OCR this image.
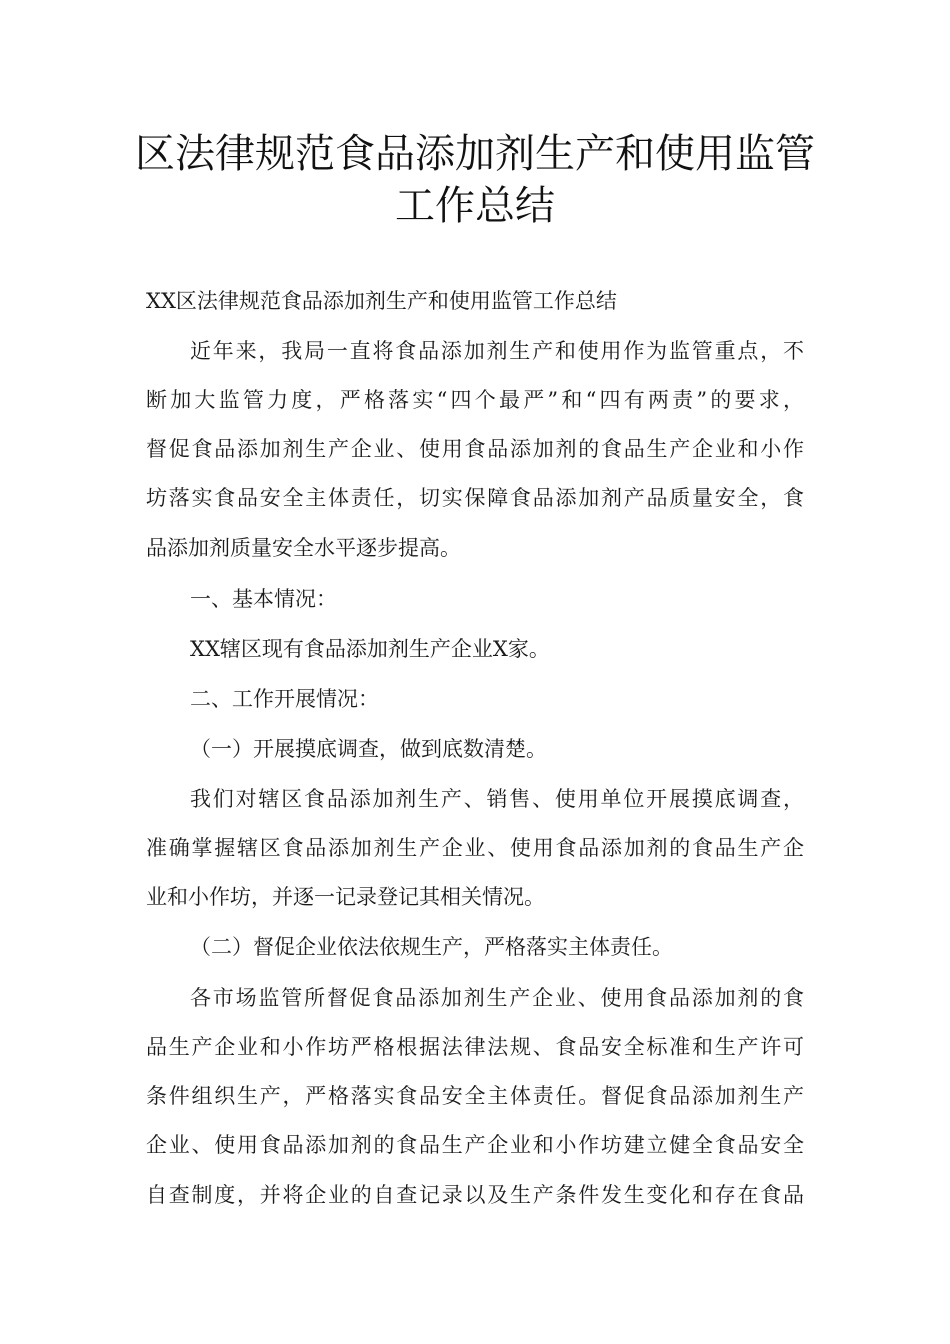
区法律规范食品添加剂生产和使用监管
工作总结
XX区法律规范食品添加剂生产和使用监管工作总结
近年来，我局一直将食品添加剂生产和使用作为监管重点，不
断加大监管力度，严格落实“四个最严”和“四有两责”的要求，
督促食品添加剂生产企业、使用食品添加剂的食品生产企业和小作
坊落实食品安全主体责任，切实保障食品添加剂产品质量安全，食
品添加剂质量安全水平逐步提高。
一、基本情况：
XX辖区现有食品添加剂生产企业X家。
二、工作开展情况：
（一）开展摸底调查，做到底数清楚。
我们对辖区食品添加剂生产、销售、使用单位开展摸底调查，
准确掌握辖区食品添加剂生产企业、使用食品添加剂的食品生产企
业和小作坊，并逐一记录登记其相关情况。
（二）督促企业依法依规生产，严格落实主体责任。
各市场监管所督促食品添加剂生产企业、使用食品添加剂的食
品生产企业和小作坊严格根据法律法规、食品安全标准和生产许可
条件组织生产，严格落实食品安全主体责任。督促食品添加剂生产
企业、使用食品添加剂的食品生产企业和小作坊建立健全食品安全
自查制度，并将企业的自查记录以及生产条件发生变化和存在食品
